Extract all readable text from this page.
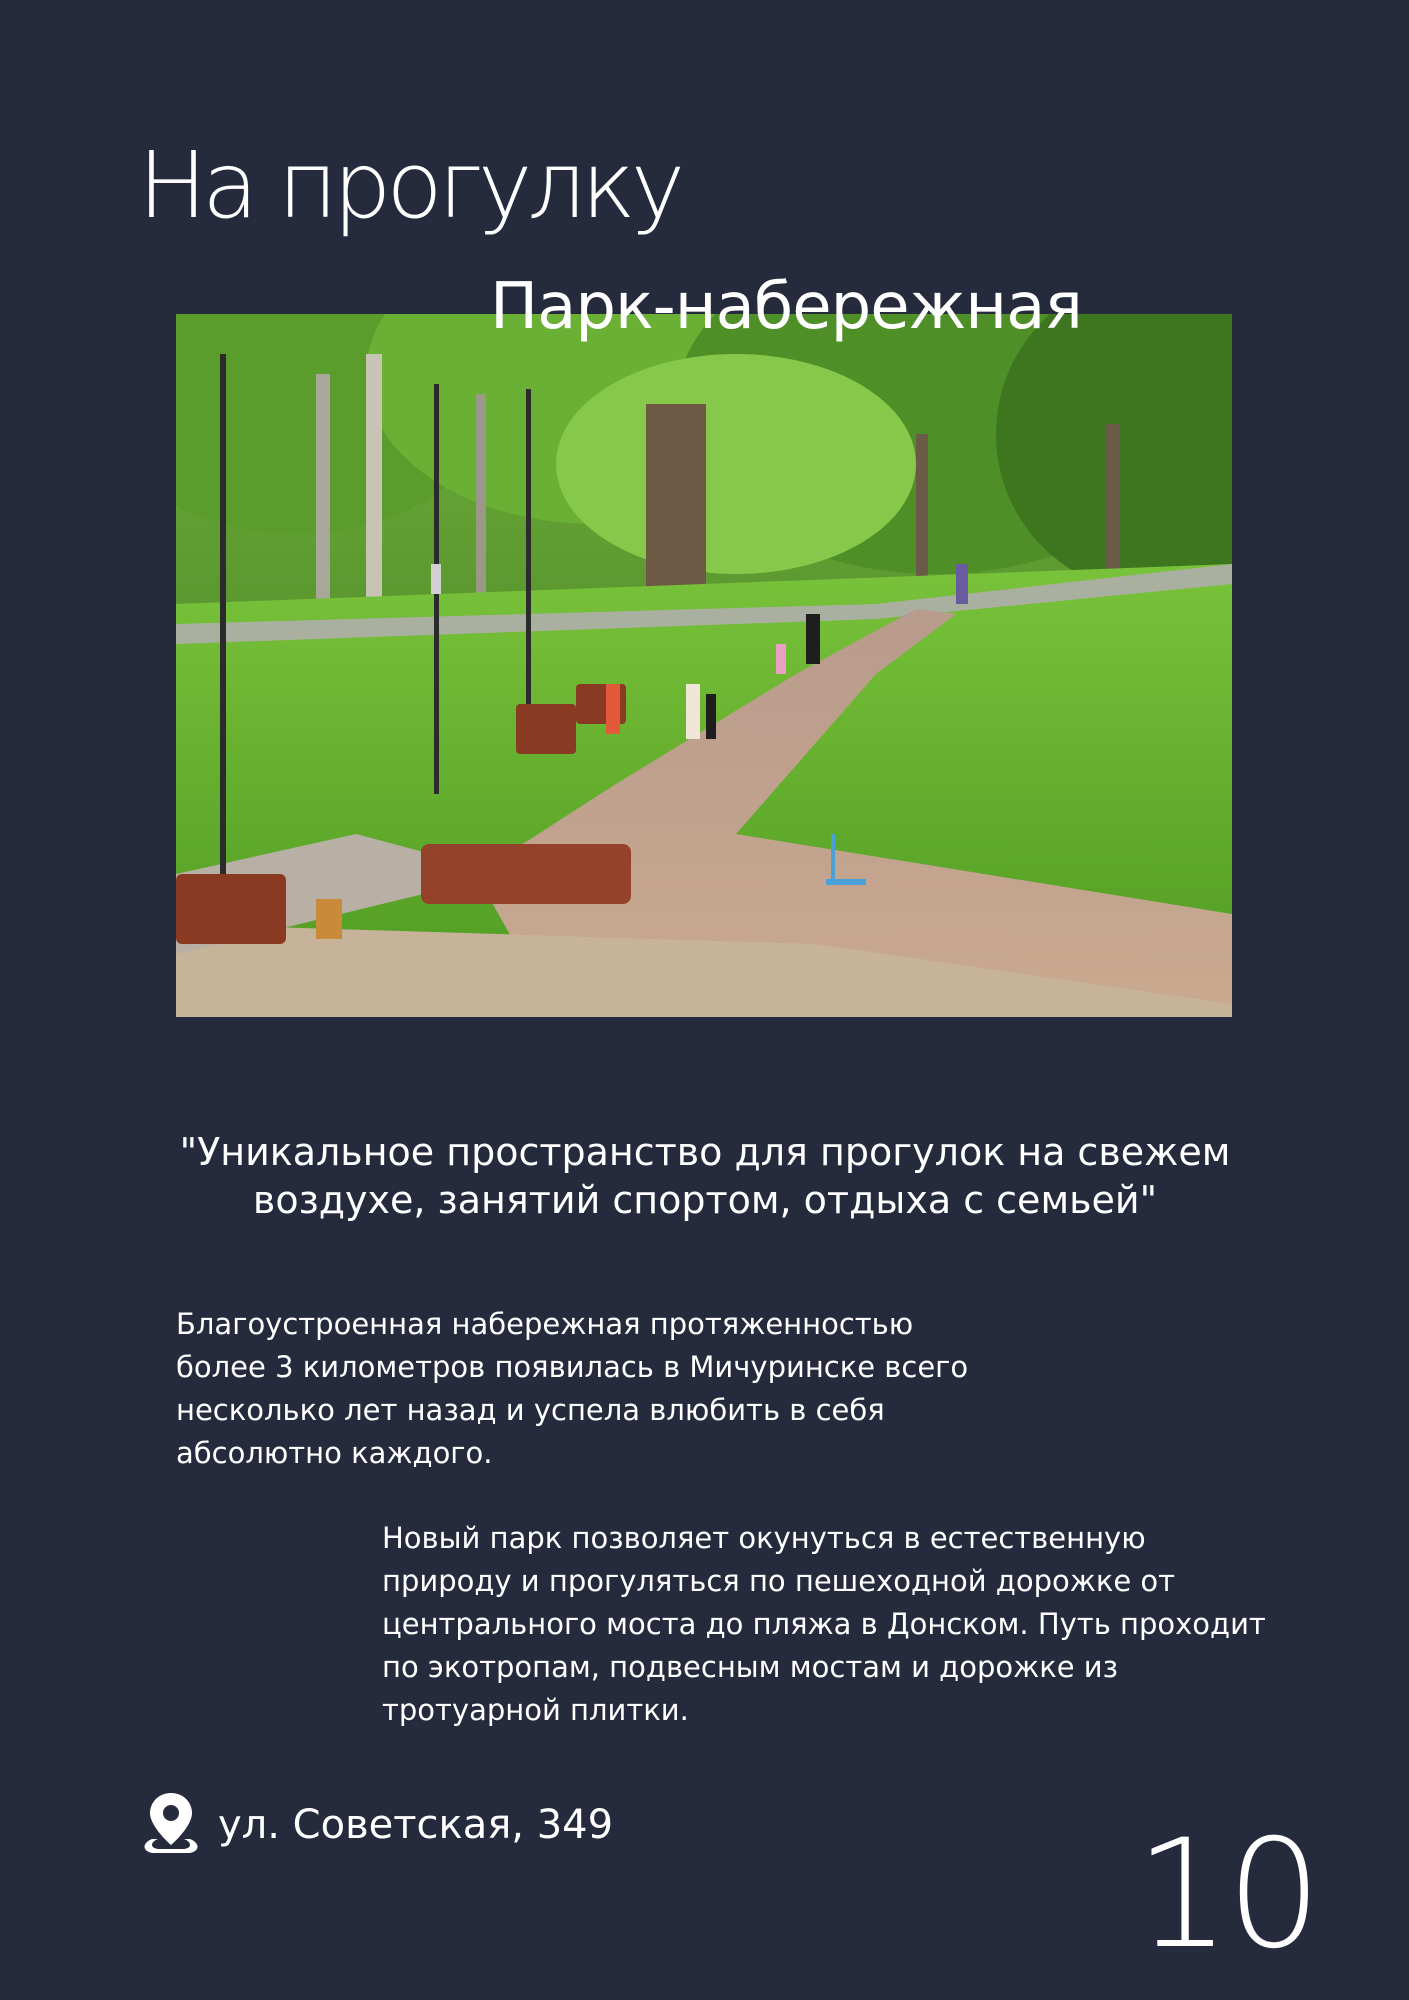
На прогулку
Парк-набережная
"Уникальное пространство для прогулок на свежем воздухе, занятий спортом, отдыха с семьей"
Благоустроенная набережная протяженностью более 3 километров появилась в Мичуринске всего несколько лет назад и успела влюбить в себя абсолютно каждого.
Новый парк позволяет окунуться в естественную природу и прогуляться по пешеходной дорожке от центрального моста до пляжа в Донском. Путь проходит по экотропам, подвесным мостам и дорожке из тротуарной плитки.
ул. Советская, 349	10
